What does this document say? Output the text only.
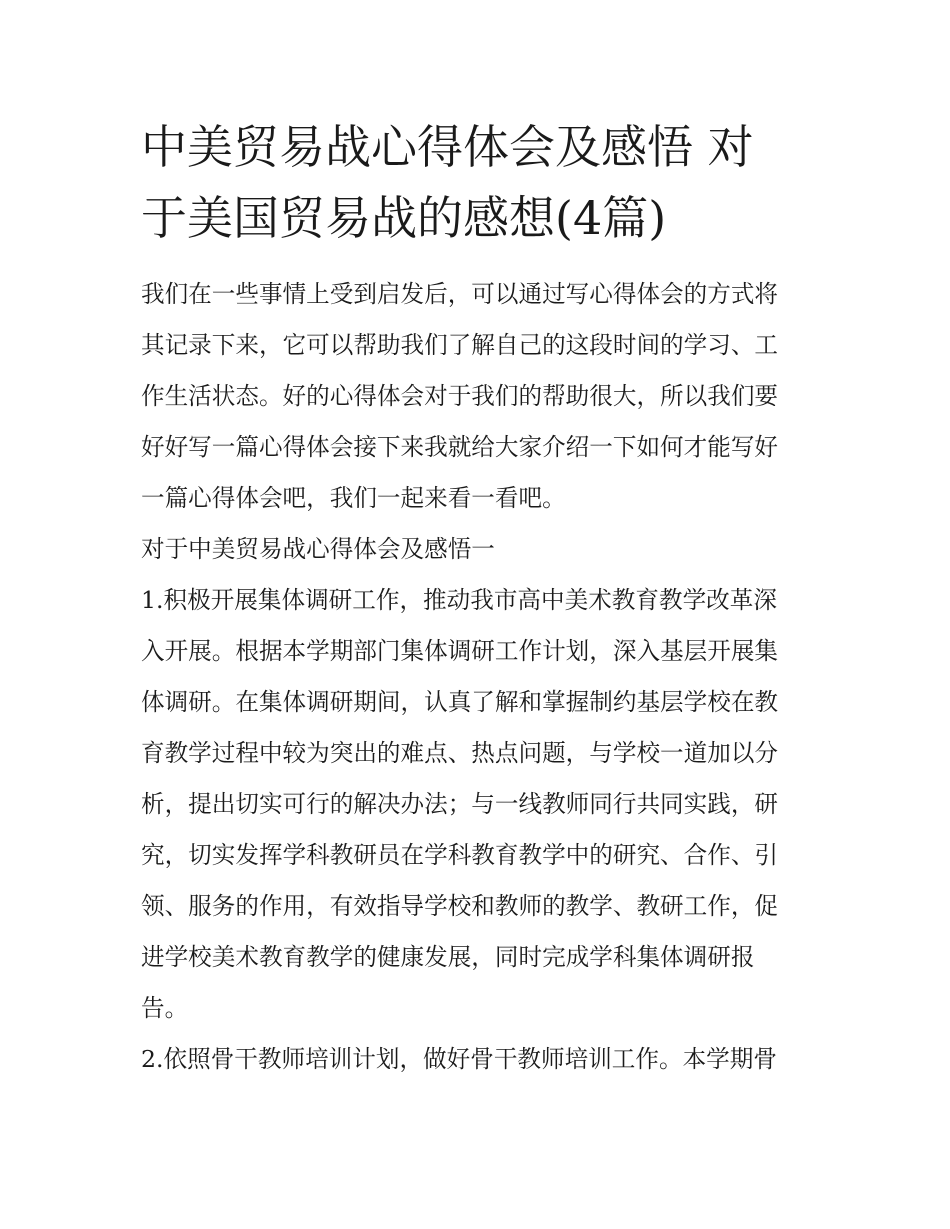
中美贸易战心得体会及感悟 对
于美国贸易战的感想(4篇)

我们在一些事情上受到启发后，可以通过写心得体会的方式将
其记录下来，它可以帮助我们了解自己的这段时间的学习、工
作生活状态。好的心得体会对于我们的帮助很大，所以我们要
好好写一篇心得体会接下来我就给大家介绍一下如何才能写好
一篇心得体会吧，我们一起来看一看吧。

对于中美贸易战心得体会及感悟一

1.积极开展集体调研工作，推动我市高中美术教育教学改革深
入开展。根据本学期部门集体调研工作计划，深入基层开展集
体调研。在集体调研期间，认真了解和掌握制约基层学校在教
育教学过程中较为突出的难点、热点问题，与学校一道加以分
析，提出切实可行的解决办法；与一线教师同行共同实践，研
究，切实发挥学科教研员在学科教育教学中的研究、合作、引
领、服务的作用，有效指导学校和教师的教学、教研工作，促
进学校美术教育教学的健康发展，同时完成学科集体调研报
告。

2.依照骨干教师培训计划，做好骨干教师培训工作。本学期骨
